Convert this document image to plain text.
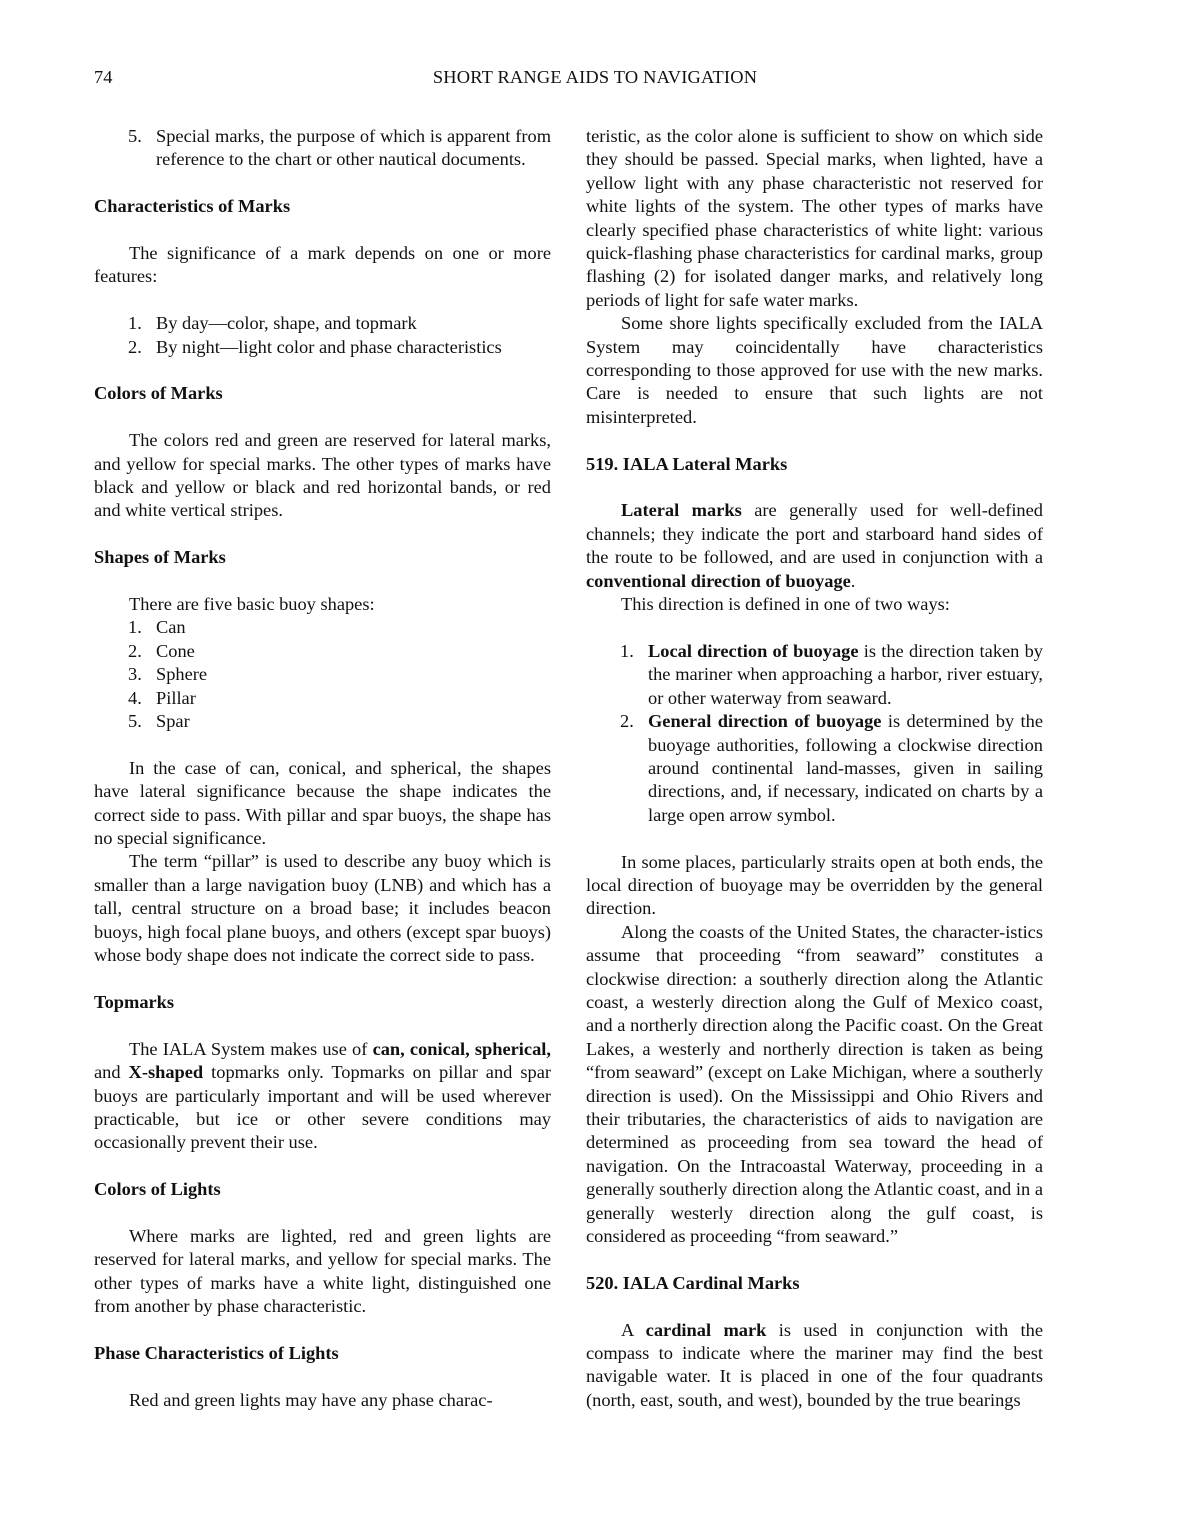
74	SHORT RANGE AIDS TO NAVIGATION
5. Special marks, the purpose of which is apparent from reference to the chart or other nautical documents.
Characteristics of Marks

The significance of a mark depends on one or more features:

1. By day—color, shape, and topmark
2. By night—light color and phase characteristics
Colors of Marks

The colors red and green are reserved for lateral marks, and yellow for special marks. The other types of marks have black and yellow or black and red horizontal bands, or red and white vertical stripes.

Shapes of Marks

There are five basic buoy shapes:

1. Can
2. Cone
3. Sphere
4. Pillar
5. Spar

In the case of can, conical, and spherical, the shapes have lateral significance because the shape indicates the correct side to pass. With pillar and spar buoys, the shape has no special significance.

The term “pillar” is used to describe any buoy which is smaller than a large navigation buoy (LNB) and which has a tall, central structure on a broad base; it includes beacon buoys, high focal plane buoys, and others (except spar buoys) whose body shape does not indicate the correct side to pass.

Topmarks

The IALA System makes use of can, conical, spherical, and X-shaped topmarks only. Topmarks on pillar and spar buoys are particularly important and will be used wherever practicable, but ice or other severe conditions may occasionally prevent their use.

Colors of Lights

Where marks are lighted, red and green lights are reserved for lateral marks, and yellow for special marks. The other types of marks have a white light, distinguished one from another by phase characteristic.

Phase Characteristics of Lights

Red and green lights may have any phase charac-

teristic, as the color alone is sufficient to show on which side they should be passed. Special marks, when lighted, have a yellow light with any phase characteristic not reserved for white lights of the system. The other types of marks have clearly specified phase characteristics of white light: various quick-flashing phase characteristics for cardinal marks, group flashing (2) for isolated danger marks, and relatively long periods of light for safe water marks.

Some shore lights specifically excluded from the IALA System may coincidentally have characteristics corresponding to those approved for use with the new marks. Care is needed to ensure that such lights are not misinterpreted.

519. IALA Lateral Marks

Lateral marks are generally used for well-defined channels; they indicate the port and starboard hand sides of the route to be followed, and are used in conjunction with a conventional direction of buoyage.

This direction is defined in one of two ways:

1. Local direction of buoyage is the direction taken by the mariner when approaching a harbor, river estuary, or other waterway from seaward.
2. General direction of buoyage is determined by the buoyage authorities, following a clockwise direction around continental land-masses, given in sailing directions, and, if necessary, indicated on charts by a large open arrow symbol.

In some places, particularly straits open at both ends, the local direction of buoyage may be overridden by the general direction.

Along the coasts of the United States, the character-istics assume that proceeding “from seaward” constitutes a clockwise direction: a southerly direction along the Atlantic coast, a westerly direction along the Gulf of Mexico coast, and a northerly direction along the Pacific coast. On the Great Lakes, a westerly and northerly direction is taken as being “from seaward” (except on Lake Michigan, where a southerly direction is used). On the Mississippi and Ohio Rivers and their tributaries, the characteristics of aids to navigation are determined as proceeding from sea toward the head of navigation. On the Intracoastal Waterway, proceeding in a generally southerly direction along the Atlantic coast, and in a generally westerly direction along the gulf coast, is considered as proceeding “from seaward.”

520. IALA Cardinal Marks

A cardinal mark is used in conjunction with the compass to indicate where the mariner may find the best navigable water. It is placed in one of the four quadrants (north, east, south, and west), bounded by the true bearings
